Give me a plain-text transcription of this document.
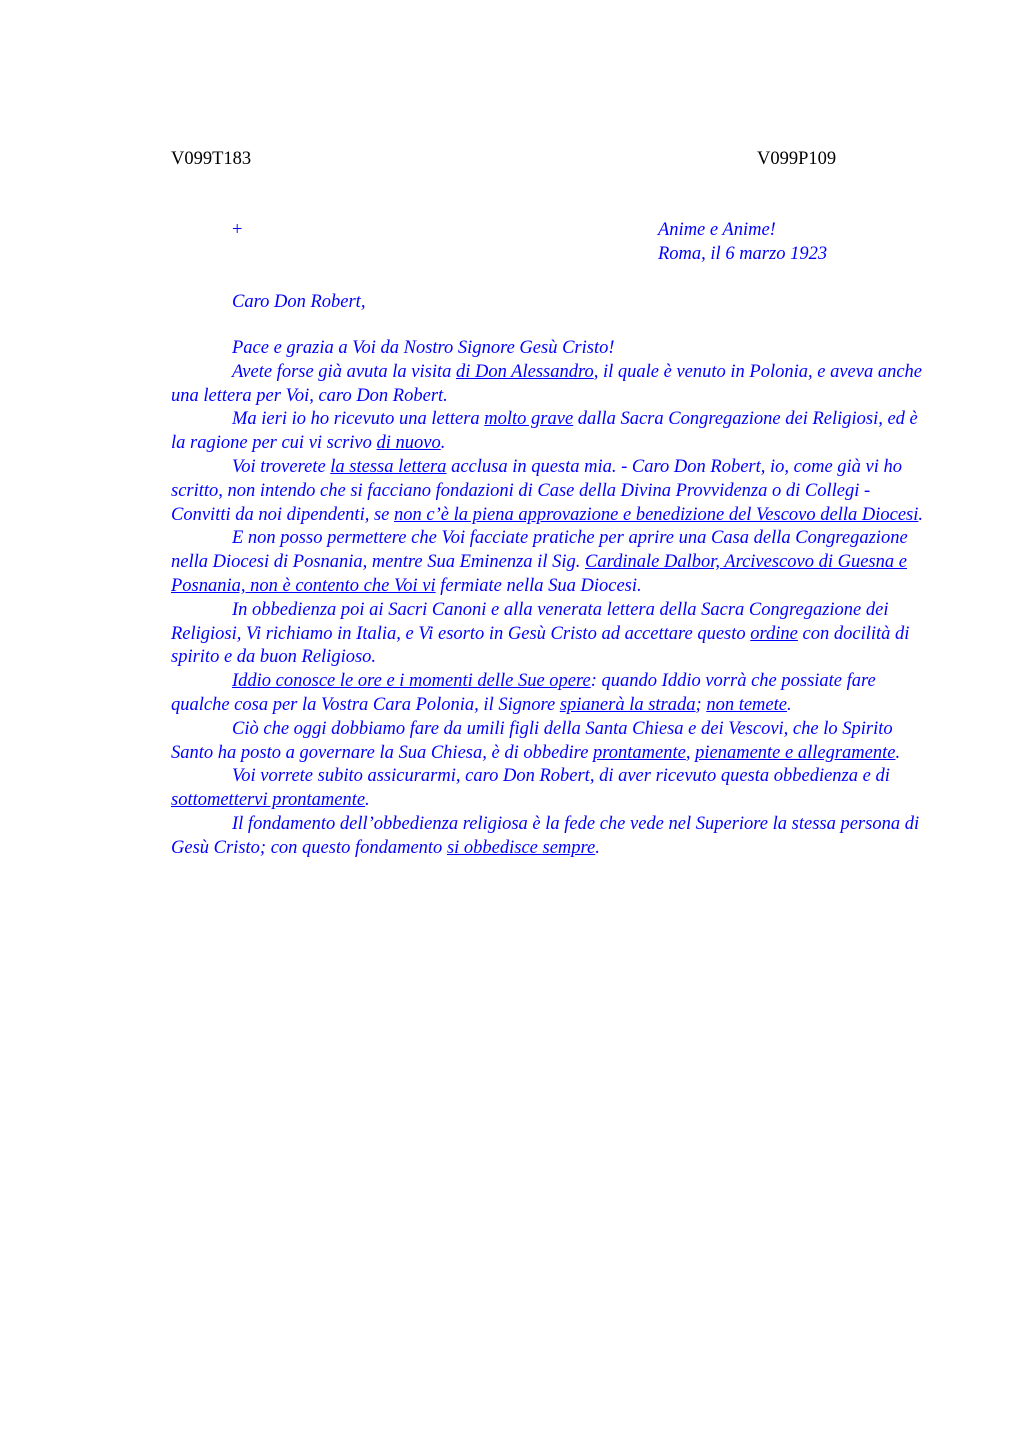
V099T183	V099P109
+	Anime e Anime!
Roma, il 6 marzo 1923
Caro Don Robert,

Pace e grazia a Voi da Nostro Signore Gesù Cristo!

Avete forse già avuta la visita di Don Alessandro, il quale è venuto in Polonia, e aveva anche una lettera per Voi, caro Don Robert.

Ma ieri io ho ricevuto una lettera molto grave dalla Sacra Congregazione dei Religiosi, ed è la ragione per cui vi scrivo di nuovo.

Voi troverete la stessa lettera acclusa in questa mia. - Caro Don Robert, io, come già vi ho scritto, non intendo che si facciano fondazioni di Case della Divina Provvidenza o di Collegi - Convitti da noi dipendenti, se non c’è la piena approvazione e benedizione del Vescovo della Diocesi.

E non posso permettere che Voi facciate pratiche per aprire una Casa della Congregazione nella Diocesi di Posnania, mentre Sua Eminenza il Sig. Cardinale Dalbor, Arcivescovo di Guesna e Posnania, non è contento che Voi vi fermiate nella Sua Diocesi.

In obbedienza poi ai Sacri Canoni e alla venerata lettera della Sacra Congregazione dei Religiosi, Vi richiamo in Italia, e Vi esorto in Gesù Cristo ad accettare questo ordine con docilità di spirito e da buon Religioso.

Iddio conosce le ore e i momenti delle Sue opere: quando Iddio vorrà che possiate fare qualche cosa per la Vostra Cara Polonia, il Signore spianerà la strada; non temete.

Ciò che oggi dobbiamo fare da umili figli della Santa Chiesa e dei Vescovi, che lo Spirito Santo ha posto a governare la Sua Chiesa, è di obbedire prontamente, pienamente e allegramente.

Voi vorrete subito assicurarmi, caro Don Robert, di aver ricevuto questa obbedienza e di sottomettervi prontamente.

Il fondamento dell’obbedienza religiosa è la fede che vede nel Superiore la stessa persona di Gesù Cristo; con questo fondamento si obbedisce sempre.
